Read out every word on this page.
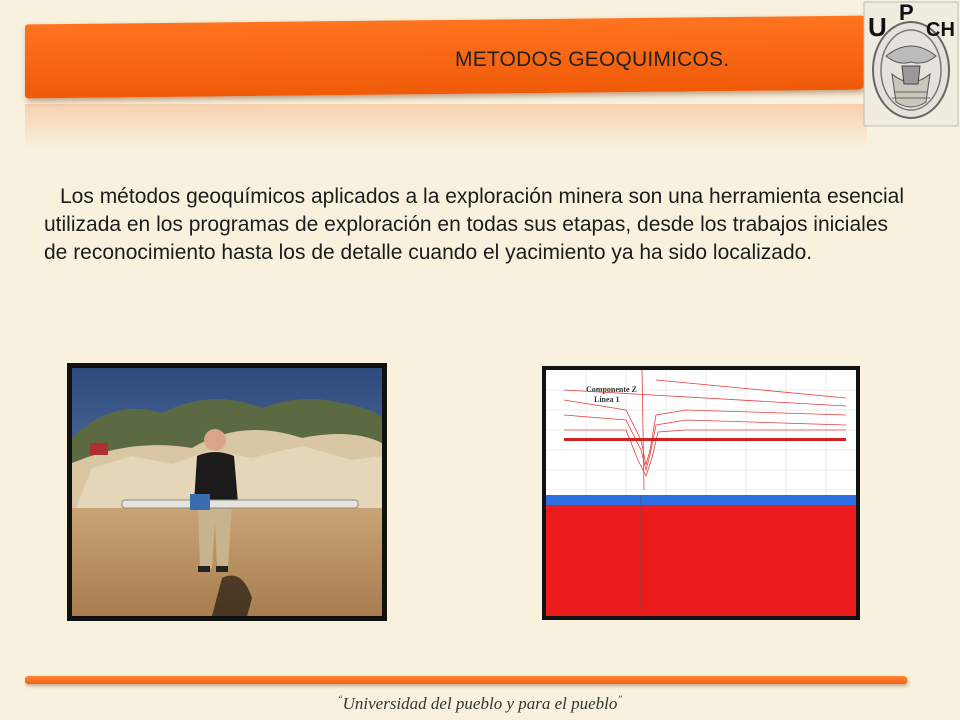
METODOS GEOQUIMICOS.
U P
CH
Los métodos geoquímicos aplicados a la exploración minera son una herramienta esencial utilizada en los programas de exploración en todas sus etapas, desde los trabajos iniciales de reconocimiento hasta los de detalle cuando el yacimiento ya ha sido localizado.
Componente Z
Linea 1
“Universidad del pueblo y para el pueblo”
